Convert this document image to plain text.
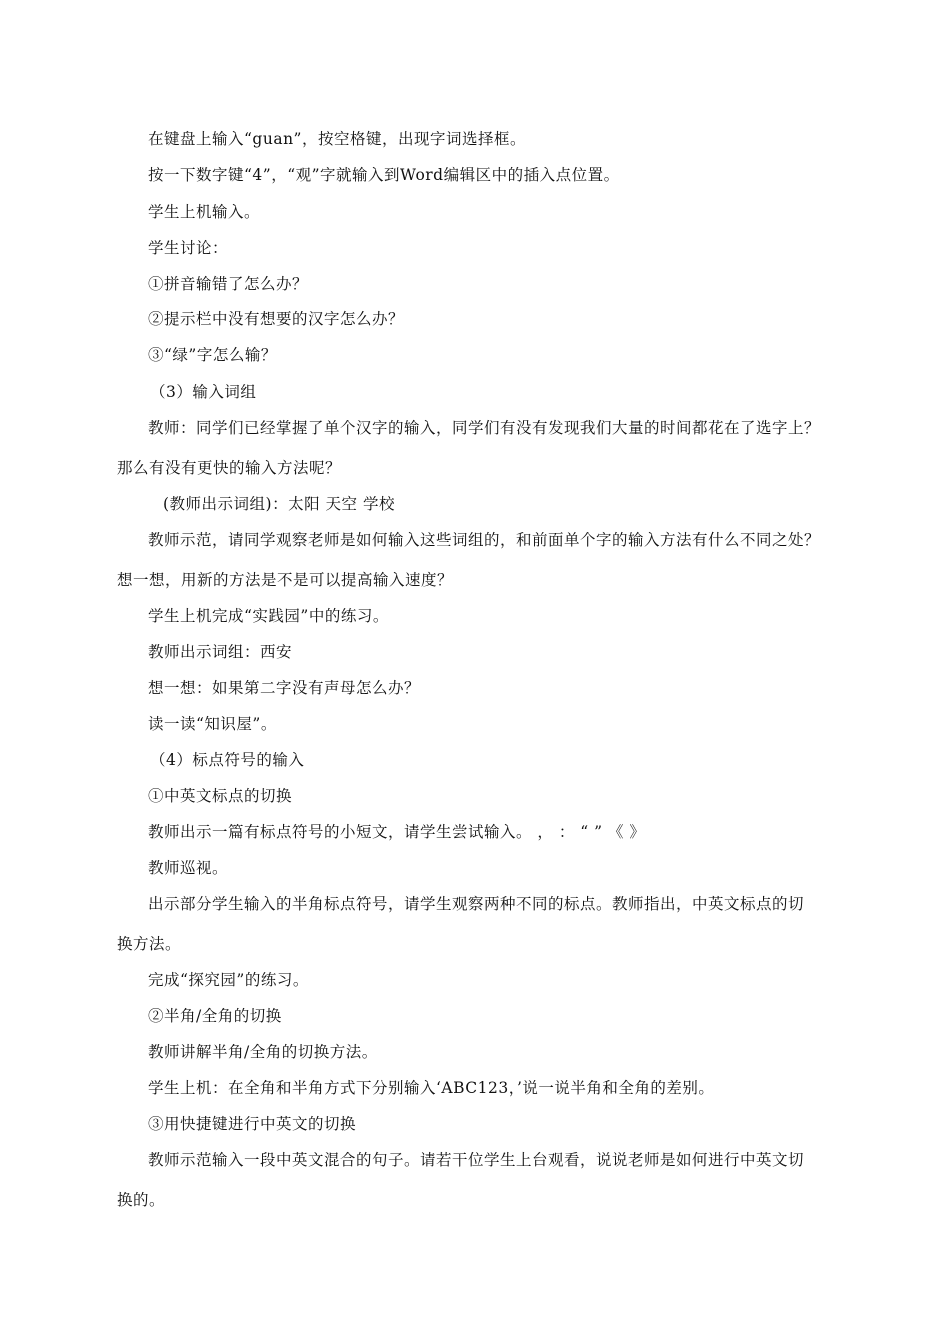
在键盘上输入“guan”，按空格键，出现字词选择框。
按一下数字键“4”，“观”字就输入到Word编辑区中的插入点位置。
学生上机输入。
学生讨论：
①拼音输错了怎么办？
②提示栏中没有想要的汉字怎么办？
③“绿”字怎么输？
（3）输入词组
教师：同学们已经掌握了单个汉字的输入，同学们有没有发现我们大量的时间都花在了选字上？
那么有没有更快的输入方法呢？
(教师出示词组)：太阳 天空 学校
教师示范，请同学观察老师是如何输入这些词组的，和前面单个字的输入方法有什么不同之处？
想一想，用新的方法是不是可以提高输入速度？
学生上机完成“实践园”中的练习。
教师出示词组：西安
想一想：如果第二字没有声母怎么办？
读一读“知识屋”。
（4）标点符号的输入
①中英文标点的切换
教师出示一篇有标点符号的小短文，请学生尝试输入。 ， ： “ ” 《 》
教师巡视。
出示部分学生输入的半角标点符号，请学生观察两种不同的标点。教师指出，中英文标点的切
换方法。
完成“探究园”的练习。
②半角/全角的切换
教师讲解半角/全角的切换方法。
学生上机：在全角和半角方式下分别输入‘ABC123，’说一说半角和全角的差别。
③用快捷键进行中英文的切换
教师示范输入一段中英文混合的句子。请若干位学生上台观看，说说老师是如何进行中英文切
换的。
